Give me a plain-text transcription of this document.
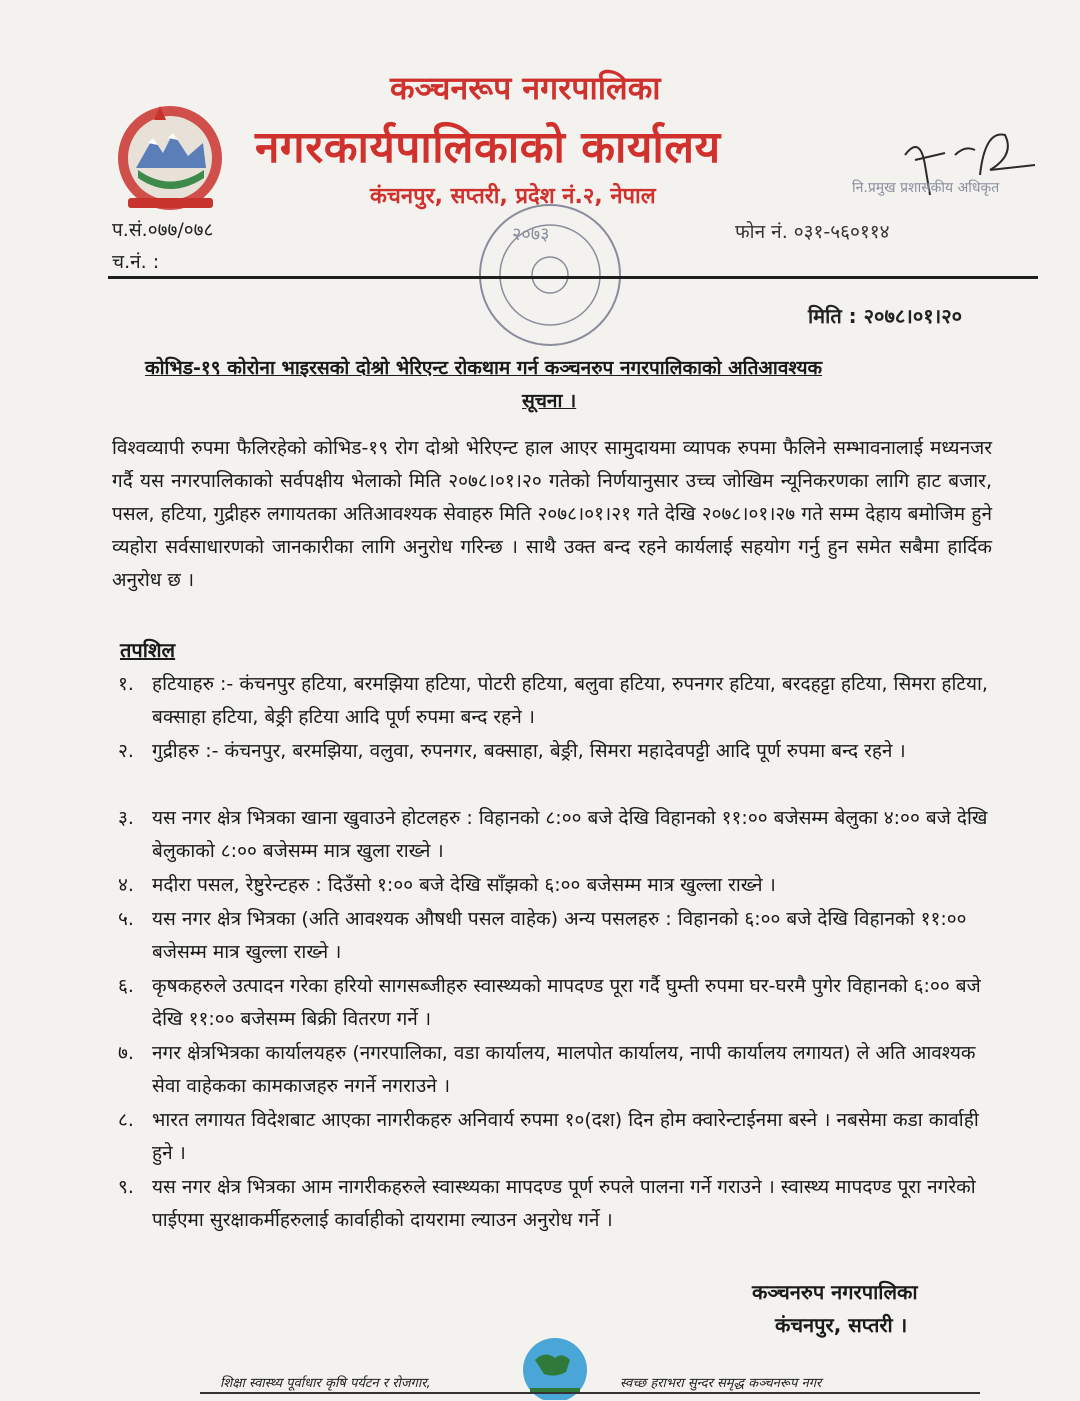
कञ्चनरूप नगरपालिका
नगरकार्यपालिकाको कार्यालय
कंचनपुर, सप्तरी, प्रदेश नं.२, नेपाल	नि.प्रमुख प्रशासकीय अधिकृत
२०७३	फोन नं. ०३१-५६०११४
प.सं.०७७/०७८
च.नं. :
मिति : २०७८।०१।२०
कोभिड-१९ कोरोना भाइरसको दोश्रो भेरिएन्ट रोकथाम गर्न कञ्चनरुप नगरपालिकाको अतिआवश्यक
सूचना ।
विश्वव्यापी रुपमा फैलिरहेको कोभिड-१९ रोग दोश्रो भेरिएन्ट हाल आएर सामुदायमा व्यापक रुपमा फैलिने सम्भावनालाई मध्यनजर गर्दै यस नगरपालिकाको सर्वपक्षीय भेलाको मिति २०७८।०१।२० गतेको निर्णयानुसार उच्च जोखिम न्यूनिकरणका लागि हाट बजार, पसल, हटिया, गुद्रीहरु लगायतका अतिआवश्यक सेवाहरु मिति २०७८।०१।२१ गते देखि २०७८।०१।२७ गते सम्म देहाय बमोजिम हुने व्यहोरा सर्वसाधारणको जानकारीका लागि अनुरोध गरिन्छ । साथै उक्त बन्द रहने कार्यलाई सहयोग गर्नु हुन समेत सबैमा हार्दिक अनुरोध छ ।
तपशिल
१. हटियाहरु :- कंचनपुर हटिया, बरमझिया हटिया, पोटरी हटिया, बलुवा हटिया, रुपनगर हटिया, बरदहट्टा हटिया, सिमरा हटिया, बक्साहा हटिया, बेङ्री हटिया आदि पूर्ण रुपमा बन्द रहने ।
२. गुद्रीहरु :- कंचनपुर, बरमझिया, वलुवा, रुपनगर, बक्साहा, बेङ्री, सिमरा महादेवपट्टी आदि पूर्ण रुपमा बन्द रहने ।
३. यस नगर क्षेत्र भित्रका खाना खुवाउने होटलहरु : विहानको ८:०० बजे देखि विहानको ११:०० बजेसम्म बेलुका ४:०० बजे देखि बेलुकाको ८:०० बजेसम्म मात्र खुला राख्ने ।
४. मदीरा पसल, रेष्टुरेन्टहरु : दिउँसो १:०० बजे देखि साँझको ६:०० बजेसम्म मात्र खुल्ला राख्ने ।
५. यस नगर क्षेत्र भित्रका (अति आवश्यक औषधी पसल वाहेक) अन्य पसलहरु : विहानको ६:०० बजे देखि विहानको ११:०० बजेसम्म मात्र खुल्ला राख्ने ।
६. कृषकहरुले उत्पादन गरेका हरियो सागसब्जीहरु स्वास्थ्यको मापदण्ड पूरा गर्दै घुम्ती रुपमा घर-घरमै पुगेर विहानको ६:०० बजे देखि ११:०० बजेसम्म बिक्री वितरण गर्ने ।
७. नगर क्षेत्रभित्रका कार्यालयहरु (नगरपालिका, वडा कार्यालय, मालपोत कार्यालय, नापी कार्यालय लगायत) ले अति आवश्यक सेवा वाहेकका कामकाजहरु नगर्ने नगराउने ।
८. भारत लगायत विदेशबाट आएका नागरीकहरु अनिवार्य रुपमा १०(दश) दिन होम क्वारेन्टाईनमा बस्ने । नबसेमा कडा कार्वाही हुने ।
९. यस नगर क्षेत्र भित्रका आम नागरीकहरुले स्वास्थ्यका मापदण्ड पूर्ण रुपले पालना गर्ने गराउने । स्वास्थ्य मापदण्ड पूरा नगरेको पाईएमा सुरक्षाकर्मीहरुलाई कार्वाहीको दायरामा ल्याउन अनुरोध गर्ने ।
कञ्चनरुप नगरपालिका
कंचनपुर, सप्तरी ।
शिक्षा स्वास्थ्य पूर्वाधार कृषि पर्यटन र रोजगार,	स्वच्छ हराभरा सुन्दर समृद्ध कञ्चनरूप नगर
